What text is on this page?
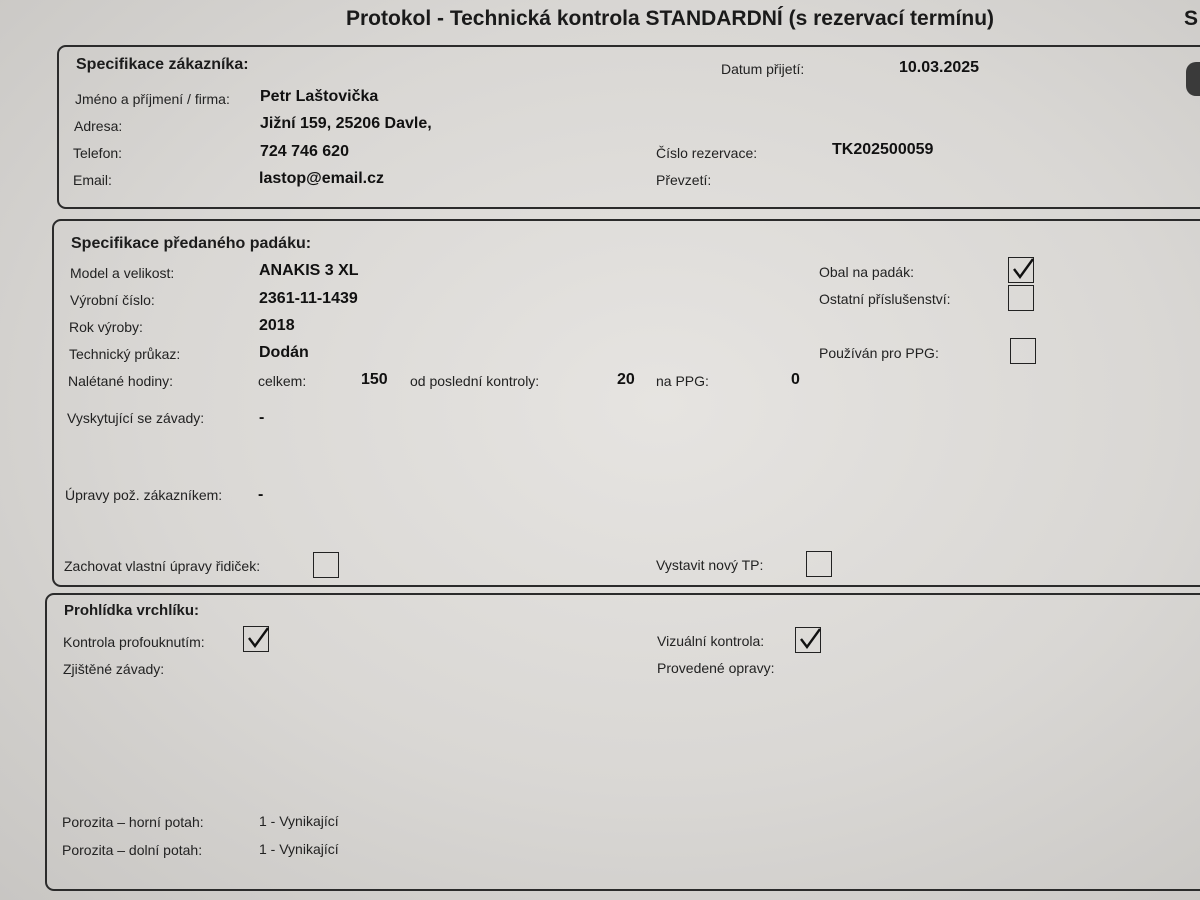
Protokol - Technická kontrola STANDARDNÍ (s rezervací termínu)	S
Specifikace zákazníka:	Datum přijetí:	10.03.2025
Jméno a příjmení / firma: Petr Laštovička
Adresa:	Jižní 159, 25206 Davle,
Telefon:	724 746 620	Číslo rezervace:	TK202500059
Email:	lastop@email.cz	Převzetí:
Specifikace předaného padáku:
Model a velikost:	ANAKIS 3 XL	Obal na padák:
Výrobní číslo:	2361-11-1439	Ostatní příslušenství:
Rok výroby:	2018
Technický průkaz:	Dodán	Používán pro PPG:
Nalétané hodiny:	celkem:	150 od poslední kontroly:	20 na PPG:	0
Vyskytující se závady:	-
Úpravy pož. zákazníkem: -
Zachovat vlastní úpravy řidiček:	Vystavit nový TP:
Prohlídka vrchlíku:
Kontrola profouknutím:	Vizuální kontrola:
Zjištěné závady:	Provedené opravy:
Porozita – horní potah:	1 - Vynikající
Porozita – dolní potah:	1 - Vynikající
